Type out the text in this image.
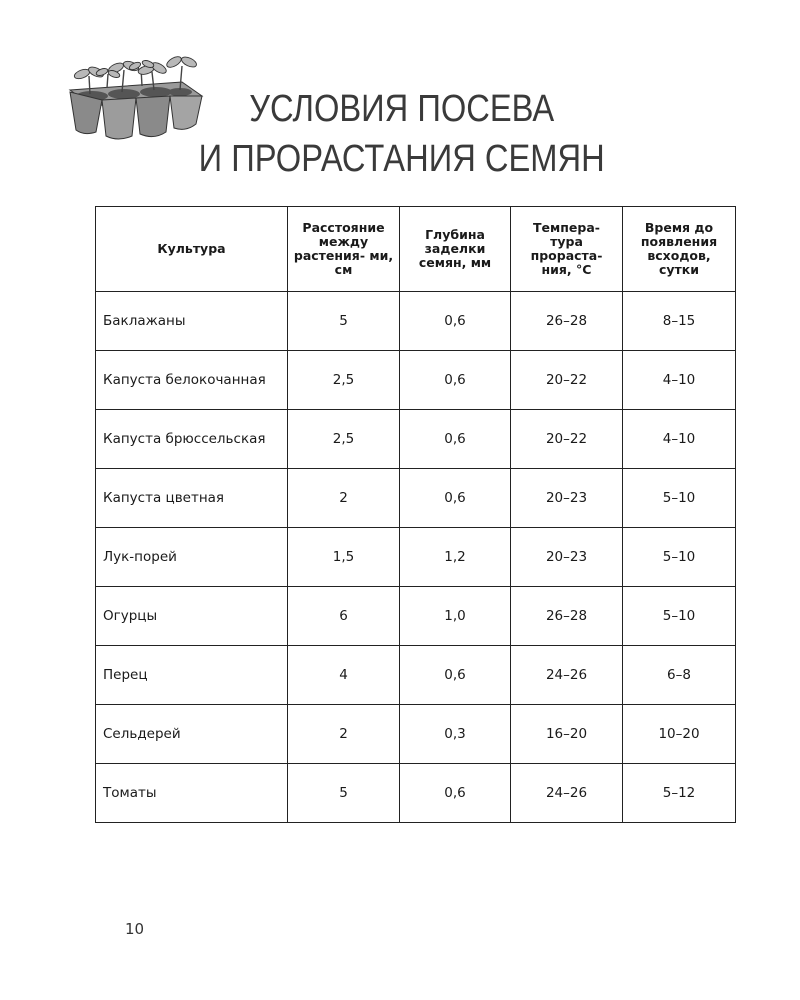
УСЛОВИЯ ПОСЕВА
И ПРОРАСТАНИЯ СЕМЯН
Культура	Расстояние между растения- ми, см	Глубина заделки семян, мм	Темпера- тура прораста- ния, °С	Время до появления всходов, сутки
Баклажаны	5	0,6	26–28	8–15
Капуста белокочанная	2,5	0,6	20–22	4–10
Капуста брюссельская	2,5	0,6	20–22	4–10
Капуста цветная	2	0,6	20–23	5–10
Лук-порей	1,5	1,2	20–23	5–10
Огурцы	6	1,0	26–28	5–10
Перец	4	0,6	24–26	6–8
Сельдерей	2	0,3	16–20	10–20
Томаты	5	0,6	24–26	5–12
10
